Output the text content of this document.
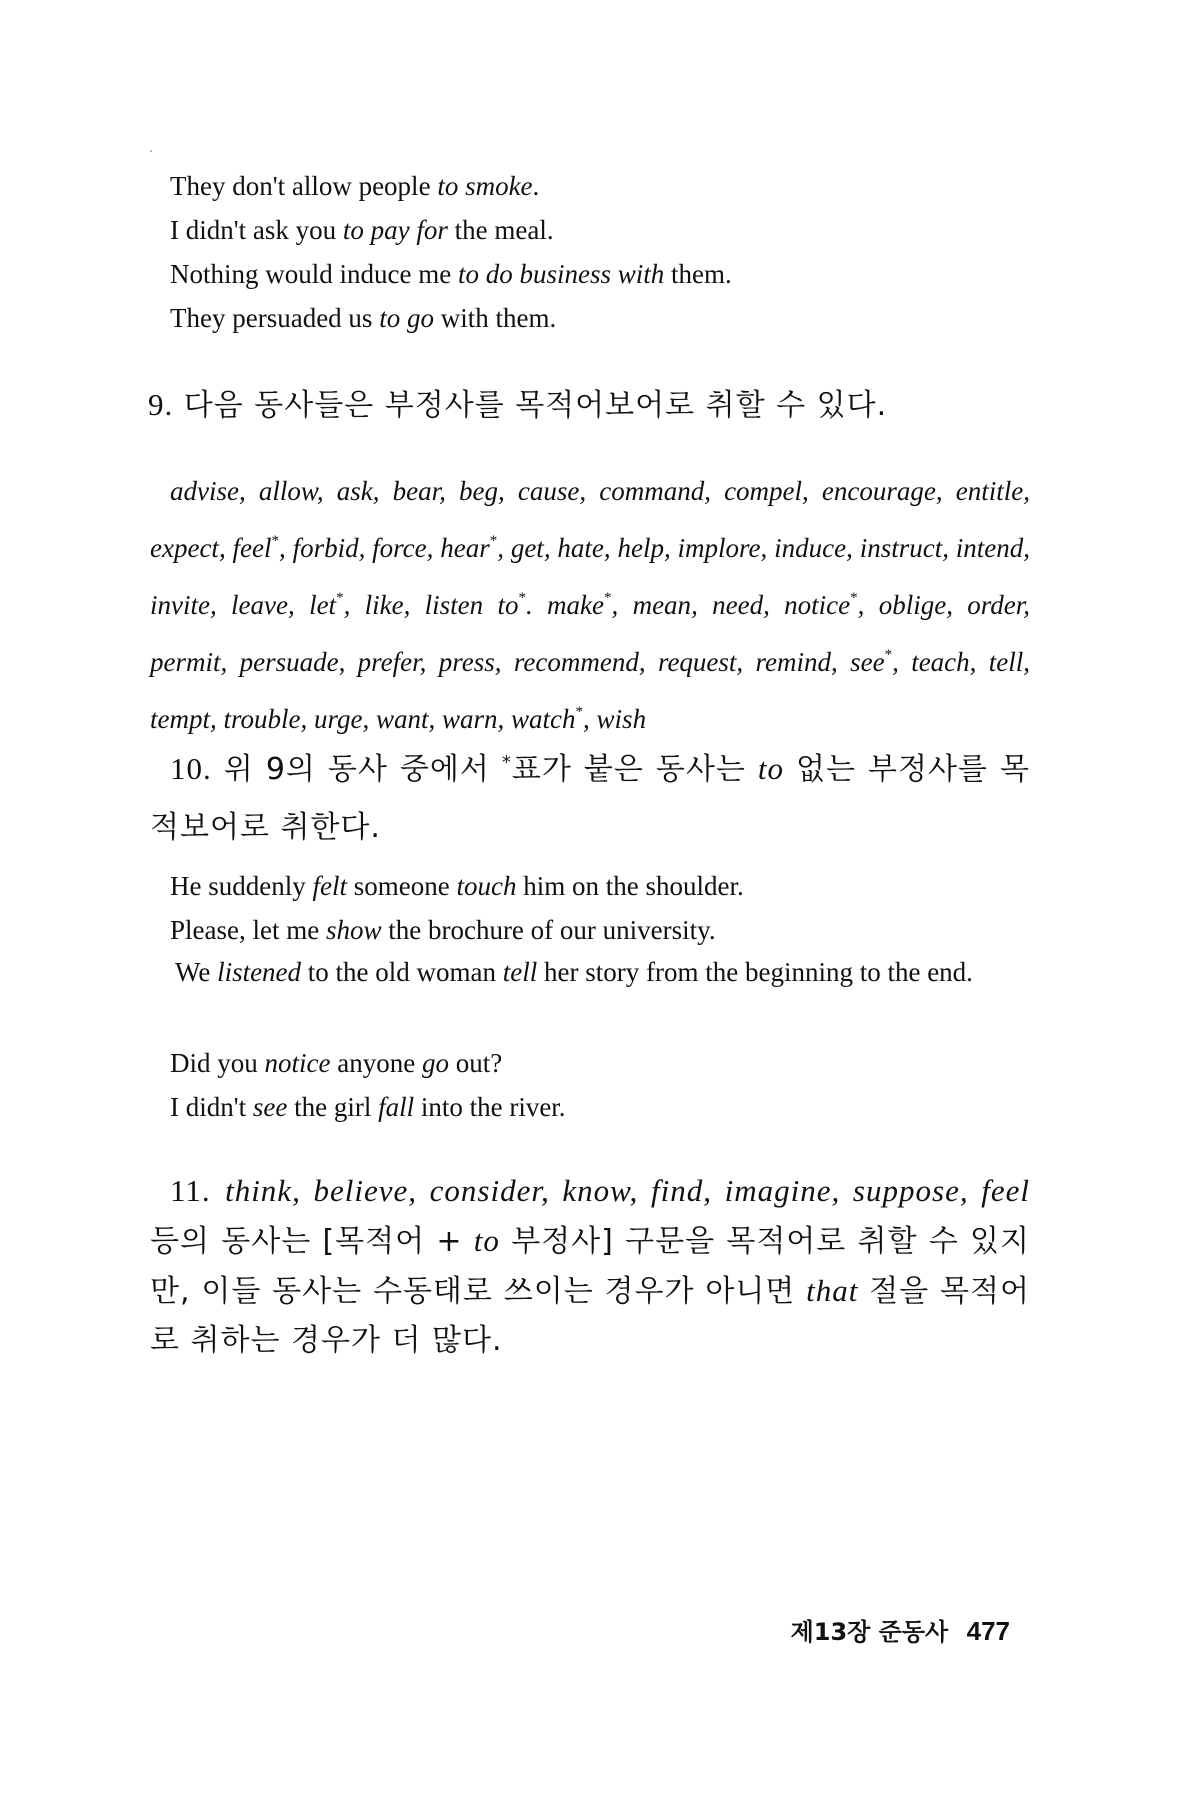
They don't allow people to smoke.
I didn't ask you to pay for the meal.
Nothing would induce me to do business with them.
They persuaded us to go with them.
9. 다음 동사들은 부정사를 목적어보어로 취할 수 있다.
advise, allow, ask, bear, beg, cause, command, compel, encourage, entitle, expect, feel*, forbid, force, hear*, get, hate, help, implore, induce, instruct, intend, invite, leave, let*, like, listen to*. make*, mean, need, notice*, oblige, order, permit, persuade, prefer, press, recommend, request, remind, see*, teach, tell, tempt, trouble, urge, want, warn, watch*, wish
10. 위 9의 동사 중에서 *표가 붙은 동사는 to 없는 부정사를 목적보어로 취한다.
He suddenly felt someone touch him on the shoulder.
Please, let me show the brochure of our university.
We listened to the old woman tell her story from the beginning to the end.
Did you notice anyone go out?
I didn't see the girl fall into the river.
11. think, believe, consider, know, find, imagine, suppose, feel 등의 동사는 [목적어 + to 부정사] 구문을 목적어로 취할 수 있지만, 이들 동사는 수동태로 쓰이는 경우가 아니면 that 절을 목적어로 취하는 경우가 더 많다.
제13장 준동사 477
